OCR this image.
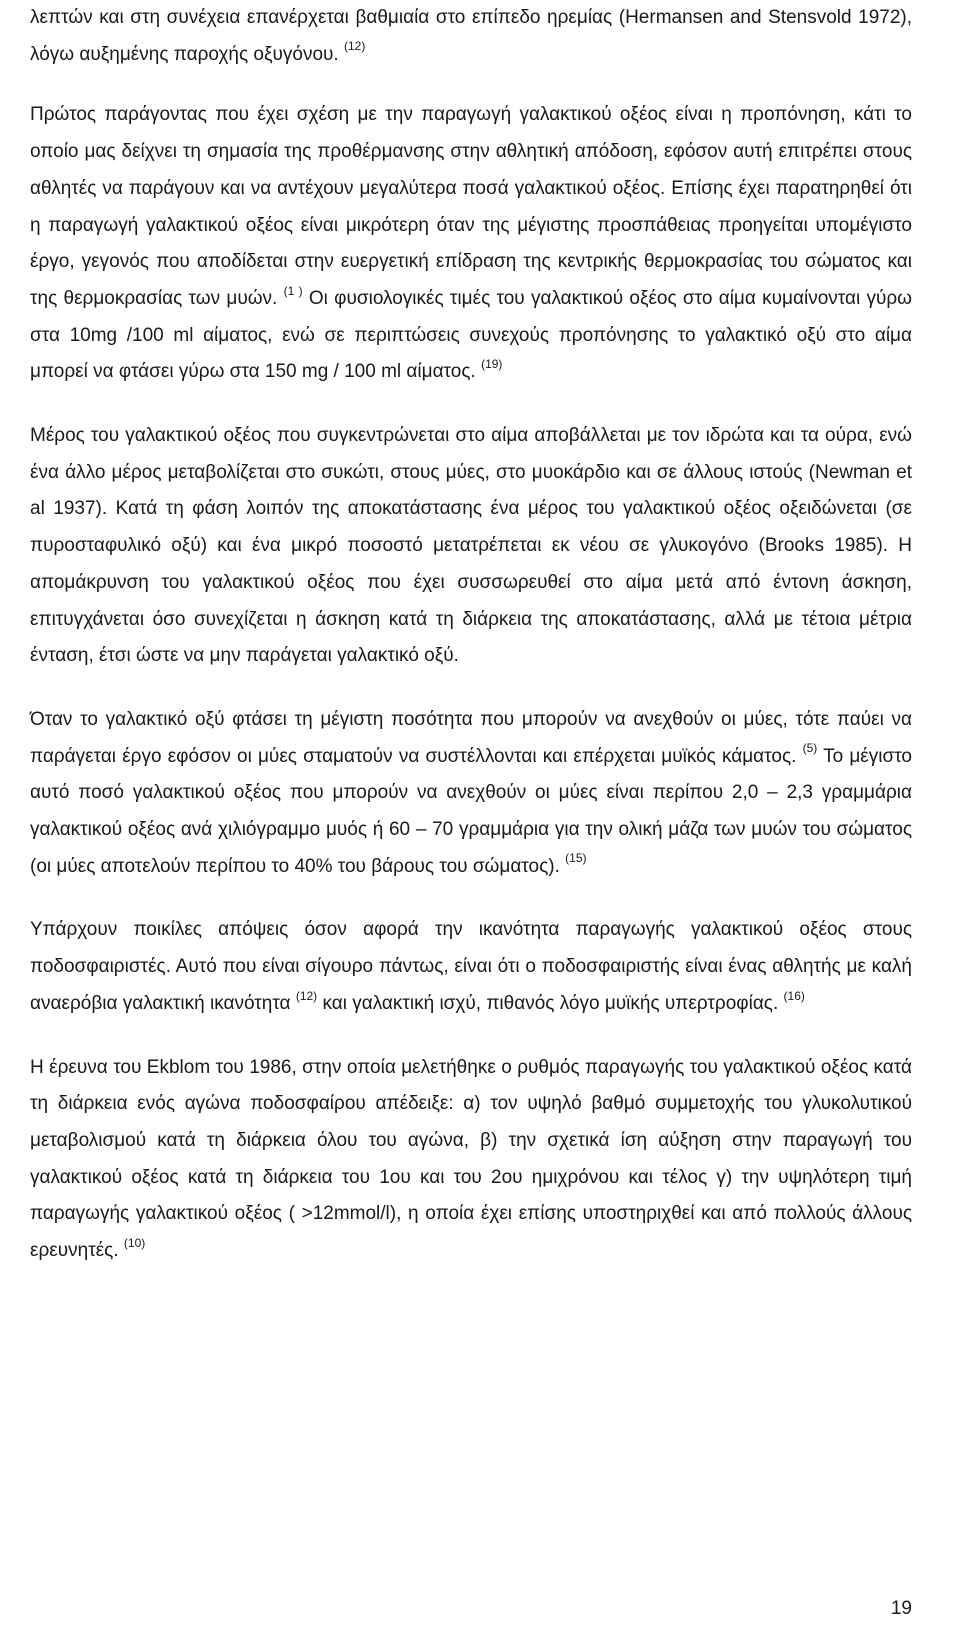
λεπτών και στη συνέχεια επανέρχεται βαθμιαία στο επίπεδο ηρεμίας (Hermansen and Stensvold 1972), λόγω αυξημένης παροχής οξυγόνου. $^{(12)}$

Πρώτος παράγοντας που έχει σχέση με την παραγωγή γαλακτικού οξέος είναι η προπόνηση, κάτι το οποίο μας δείχνει τη σημασία της προθέρμανσης στην αθλητική απόδοση, εφόσον αυτή επιτρέπει στους αθλητές να παράγουν και να αντέχουν μεγαλύτερα ποσά γαλακτικού οξέος. Επίσης έχει παρατηρηθεί ότι η παραγωγή γαλακτικού οξέος είναι μικρότερη όταν της μέγιστης προσπάθειας προηγείται υπομέγιστο έργο, γεγονός που αποδίδεται στην ευεργετική επίδραση της κεντρικής θερμοκρασίας του σώματος και της θερμοκρασίας των μυών. $^{(1 )}$ Οι φυσιολογικές τιμές του γαλακτικού οξέος στο αίμα κυμαίνονται γύρω στα 10mg /100 ml αίματος, ενώ σε περιπτώσεις συνεχούς προπόνησης το γαλακτικό οξύ στο αίμα μπορεί να φτάσει γύρω στα 150 mg / 100 ml αίματος. $^{(19)}$

Μέρος του γαλακτικού οξέος που συγκεντρώνεται στο αίμα αποβάλλεται με τον ιδρώτα και τα ούρα, ενώ ένα άλλο μέρος μεταβολίζεται στο συκώτι, στους μύες, στο μυοκάρδιο και σε άλλους ιστούς (Newman et al 1937). Κατά τη φάση λοιπόν της αποκατάστασης ένα μέρος του γαλακτικού οξέος οξειδώνεται (σε πυροσταφυλικό οξύ) και ένα μικρό ποσοστό μετατρέπεται εκ νέου σε γλυκογόνο (Brooks 1985). Η απομάκρυνση του γαλακτικού οξέος που έχει συσσωρευθεί στο αίμα μετά από έντονη άσκηση, επιτυγχάνεται όσο συνεχίζεται η άσκηση κατά τη διάρκεια της αποκατάστασης, αλλά με τέτοια μέτρια ένταση, έτσι ώστε να μην παράγεται γαλακτικό οξύ.

Όταν το γαλακτικό οξύ φτάσει τη μέγιστη ποσότητα που μπορούν να ανεχθούν οι μύες, τότε παύει να παράγεται έργο εφόσον οι μύες σταματούν να συστέλλονται και επέρχεται μυϊκός κάματος. $^{(5)}$ Το μέγιστο αυτό ποσό γαλακτικού οξέος που μπορούν να ανεχθούν οι μύες είναι περίπου 2,0 – 2,3 γραμμάρια γαλακτικού οξέος ανά χιλιόγραμμο μυός ή 60 – 70 γραμμάρια για την ολική μάζα των μυών του σώματος (οι μύες αποτελούν περίπου το 40% του βάρους του σώματος). $^{(15)}$

Υπάρχουν ποικίλες απόψεις όσον αφορά την ικανότητα παραγωγής γαλακτικού οξέος στους ποδοσφαιριστές. Αυτό που είναι σίγουρο πάντως, είναι ότι ο ποδοσφαιριστής είναι ένας αθλητής με καλή αναερόβια γαλακτική ικανότητα $^{(12)}$ και γαλακτική ισχύ, πιθανός λόγο μυϊκής υπερτροφίας. $^{(16)}$

Η έρευνα του Ekblom του 1986, στην οποία μελετήθηκε ο ρυθμός παραγωγής του γαλακτικού οξέος κατά τη διάρκεια ενός αγώνα ποδοσφαίρου απέδειξε: α) τον υψηλό βαθμό συμμετοχής του γλυκολυτικού μεταβολισμού κατά τη διάρκεια όλου του αγώνα, β) την σχετικά ίση αύξηση στην παραγωγή του γαλακτικού οξέος κατά τη διάρκεια του 1ου και του 2ου ημιχρόνου και τέλος γ) την υψηλότερη τιμή παραγωγής γαλακτικού οξέος ( >12mmol/l), η οποία έχει επίσης υποστηριχθεί και από πολλούς άλλους ερευνητές. $^{(10)}$

19
